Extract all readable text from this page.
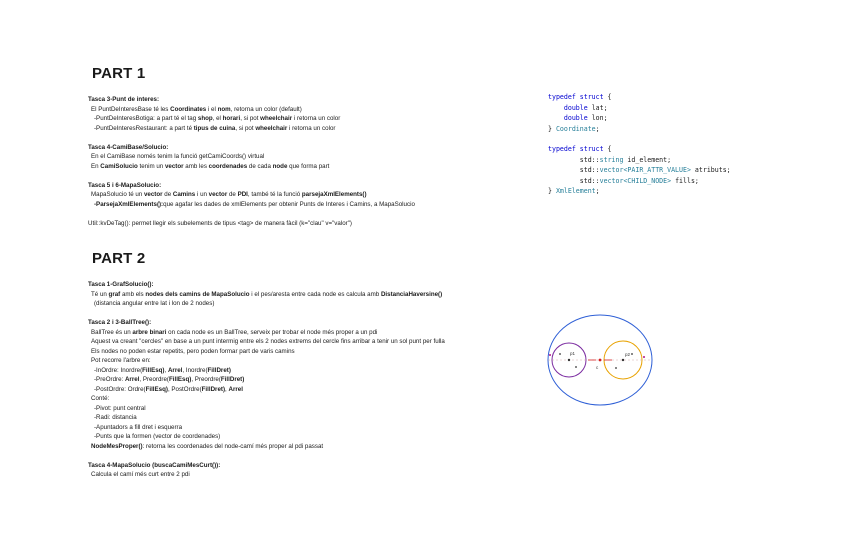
PART 1
Tasca 3-Punt de interes:
El PuntDeInteresBase té les Coordinates i el nom, retorna un color (default)
-PuntDeInteresBotiga: a part té el tag shop, el horari, si pot wheelchair i retorna un color
-PuntDeInteresRestaurant: a part té tipus de cuina, si pot wheelchair i retorna un color

Tasca 4-CamiBase/Solucio:
En el CamiBase només tenim la funció getCamiCoords() virtual
En CamiSolucio tenim un vector amb les coordenades de cada node que forma part

Tasca 5 i 6-MapaSolucio:
MapaSolucio té un vector de Camins i un vector de PDI, també té la funció parsejaXmlElements()
-ParsejaXmlElements():que agafar les dades de xmlElements per obtenir Punts de Interes i Camins, a MapaSolucio

Util::kvDeTag(): permet llegir els subelements de tipus <tag> de manera fàcil (k="clau" v="valor")
typedef struct {
double lat;
double lon;
} Coordinate;
typedef struct {
std::string id_element;
std::vector<PAIR_ATTR_VALUE> atributs;
std::vector<CHILD_NODE> fills;
} XmlElement;
PART 2
Tasca 1-GrafSolucio():
Té un graf amb els nodes dels camins de MapaSolucio i el pes/aresta entre cada node es calcula amb DistanciaHaversine()
(distancia angular entre lat i lon de 2 nodes)

Tasca 2 i 3-BallTree():
BallTree és un arbre binari on cada node es un BallTree, serveix per trobar el node més proper a un pdi
Aquest va creant "cercles" en base a un punt intermig entre els 2 nodes extrems del cercle fins arribar a tenir un sol punt per fulla
Els nodes no poden estar repetits, pero poden formar part de varis camins
Pot recorre l'arbre en:
-InOrdre: Inordre(FillEsq), Arrel, Inordre(FillDret)
-PreOrdre: Arrel, Preordre(FillEsq), Preordre(FillDret)
-PostOrdre: Ordre(FillEsq), PostOrdre(FillDret), Arrel
Conté:
-Pivot: punt central
-Radi: distancia
-Apuntadors a fill dret i esquerra
-Punts que la formen (vector de coordenades)
NodeMesProper(): retorna les coordenades del node-camí més proper al pdi passat

Tasca 4-MapaSolucio (buscaCamiMesCurt()):
Calcula el camí més curt entre 2 pdi
p1
c
p2
